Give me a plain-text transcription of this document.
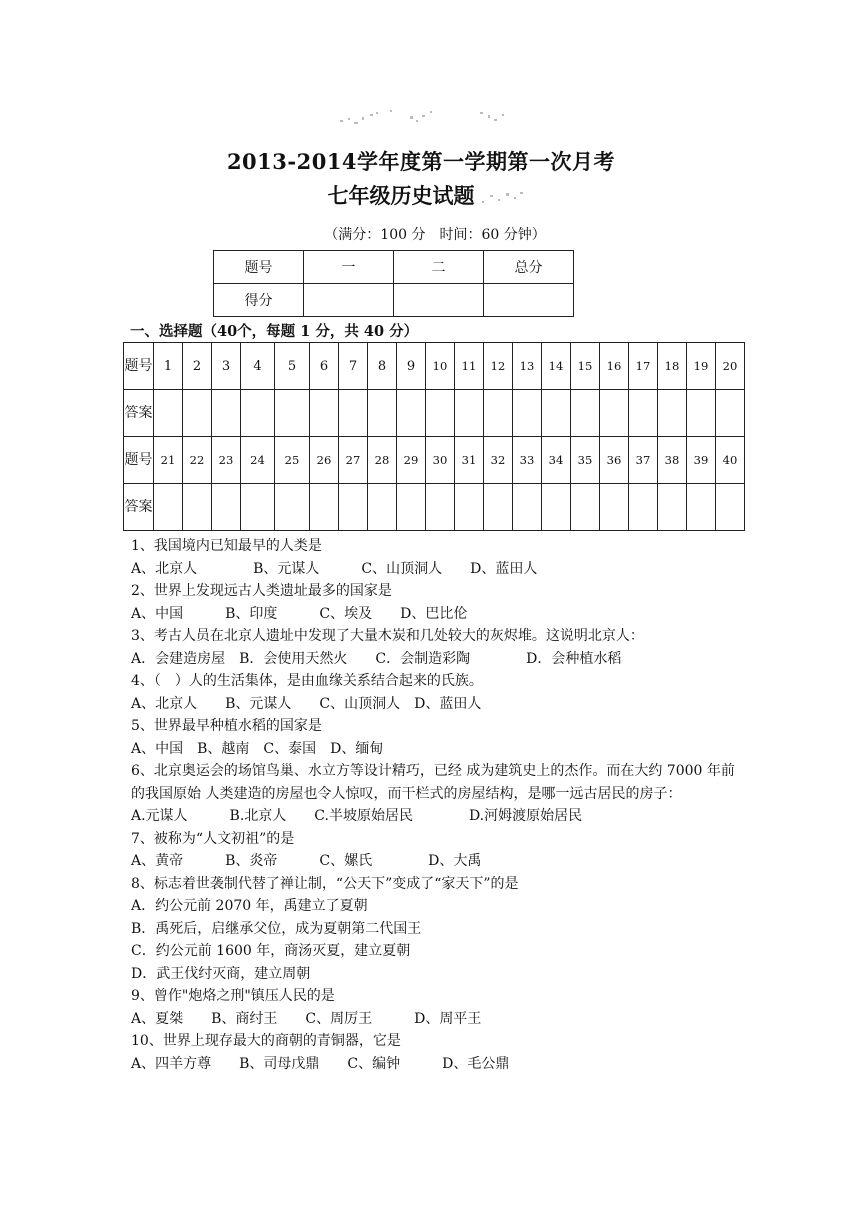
2013-2014学年度第一学期第一次月考
七年级历史试题
（满分：100 分　时间：60 分钟）
题号	一	二	总分
得分			
一、选择题（40个，每题 1 分，共 40 分）
题号	1	2	3	4	5	6	7	8	9	10	11	12	13	14	15	16	17	18	19	20
答案																				
题号	21	22	23	24	25	26	27	28	29	30	31	32	33	34	35	36	37	38	39	40
答案																				
1、我国境内已知最早的人类是
A、北京人　　　　B、元谋人　　　C、山顶洞人　　D、蓝田人
2、世界上发现远古人类遗址最多的国家是
A、中国　　　B、印度　　　C、埃及　　D、巴比伦
3、考古人员在北京人遗址中发现了大量木炭和几处较大的灰烬堆。这说明北京人：
A．会建造房屋　B．会使用天然火　　C．会制造彩陶　　　　D．会种植水稻
4、（　）人的生活集体，是由血缘关系结合起来的氏族。
A、北京人　　B、元谋人　　C、山顶洞人　D、蓝田人
5、世界最早种植水稻的国家是
A、中国　B、越南　C、泰国　D、缅甸
6、北京奥运会的场馆鸟巢、水立方等设计精巧，已经 成为建筑史上的杰作。而在大约 7000 年前的我国原始 人类建造的房屋也令人惊叹，而干栏式的房屋结构，是哪一远古居民的房子：
A.元谋人　　　B.北京人　　C.半坡原始居民　　　　D.河姆渡原始居民
7、被称为“人文初祖”的是
A、黄帝　　　B、炎帝　　　C、嫘氏　　　　D、大禹
8、标志着世袭制代替了禅让制，“公天下”变成了“家天下”的是
A．约公元前 2070 年，禹建立了夏朝
B．禹死后，启继承父位，成为夏朝第二代国王
C．约公元前 1600 年，商汤灭夏，建立夏朝
D．武王伐纣灭商，建立周朝
9、曾作"炮烙之刑"镇压人民的是
A、夏桀　　B、商纣王　　C、周厉王　　　D、周平王
10、世界上现存最大的商朝的青铜器，它是
A、四羊方尊　　B、司母戊鼎　　C、编钟　　　D、毛公鼎
